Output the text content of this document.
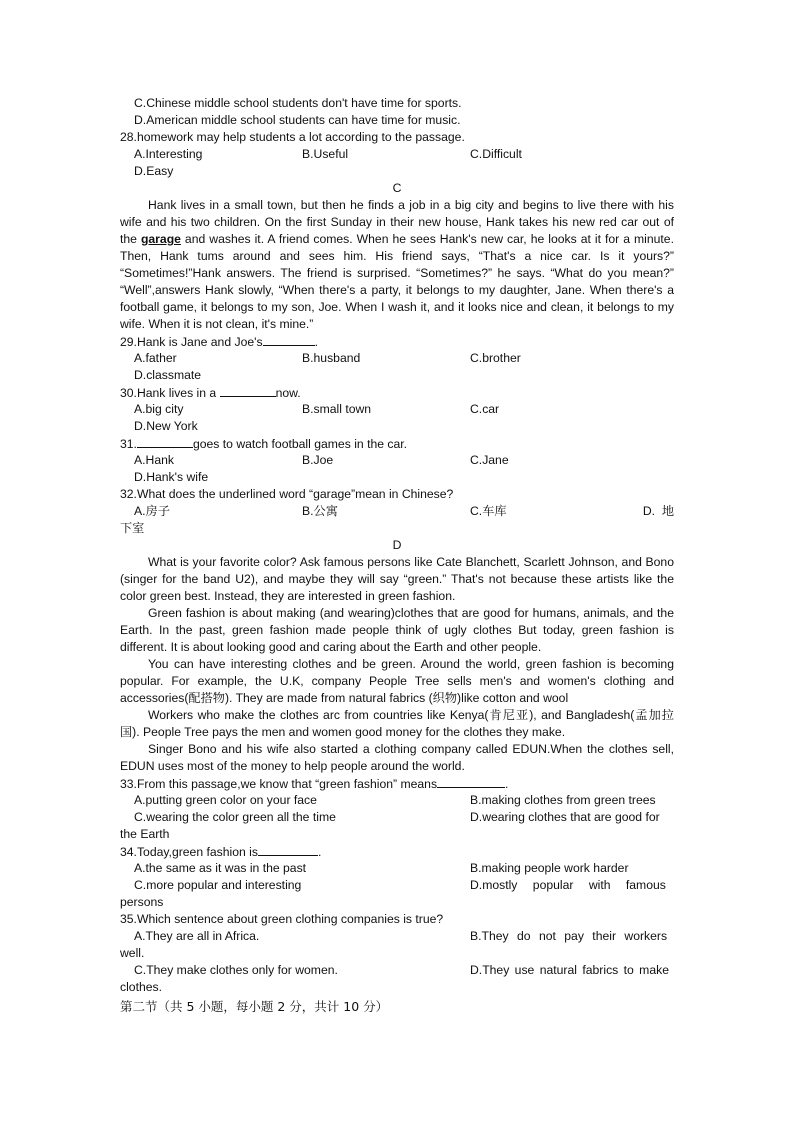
C.Chinese middle school students don't have time for sports.
D.American middle school students can have time for music.
28.homework may help students a lot according to the passage.
A.Interesting	B.Useful	C.Difficult
D.Easy
C

Hank lives in a small town, but then he finds a job in a big city and begins to live there with his wife and his two children. On the first Sunday in their new house, Hank takes his new red car out of the garage and washes it. A friend comes. When he sees Hank's new car, he looks at it for a minute. Then, Hank tums around and sees him. His friend says, “That's a nice car. Is it yours?” “Sometimes!”Hank answers. The friend is surprised. “Sometimes?” he says. “What do you mean?” “Well”,answers Hank slowly, “When there's a party, it belongs to my daughter, Jane. When there's a football game, it belongs to my son, Joe. When I wash it, and it looks nice and clean, it belongs to my wife. When it is not clean, it's mine.”

29.Hank is Jane and Joe's	.
A.father	B.husband	C.brother
D.classmate
30.Hank lives in a	now.
A.big city	B.small town	C.car
D.New York
31.	goes to watch football games in the car.
A.Hank	B.Joe	C.Jane
D.Hank's wife
32.What does the underlined word “garage”mean in Chinese?
A.房子	B.公寓	C.车库	D. 地
下室
D

What is your favorite color? Ask famous persons like Cate Blanchett, Scarlett Johnson, and Bono (singer for the band U2), and maybe they will say “green.” That's not because these artists like the color green best. Instead, they are interested in green fashion.

Green fashion is about making (and wearing)clothes that are good for humans, animals, and the Earth. In the past, green fashion made people think of ugly clothes But today, green fashion is different. It is about looking good and caring about the Earth and other people.

You can have interesting clothes and be green. Around the world, green fashion is becoming popular. For example, the U.K, company People Tree sells men's and women's clothing and accessories(配搭物). They are made from natural fabrics (织物)like cotton and wool

Workers who make the clothes arc from countries like Kenya(肯尼亚), and Bangladesh(孟加拉国). People Tree pays the men and women good money for the clothes they make.

Singer Bono and his wife also started a clothing company called EDUN.When the clothes sell, EDUN uses most of the money to help people around the world.

33.From this passage,we know that “green fashion” means	.
A.putting green color on your face	B.making clothes from green trees
C.wearing the color green all the time	D.wearing clothes that are good for
the Earth
34.Today,green fashion is	.
A.the same as it was in the past	B.making people work harder
C.more popular and interesting	D.mostly popular with famous
persons
35.Which sentence about green clothing companies is true?
A.They are all in Africa.	B.They do not pay their workers
well.
C.They make clothes only for women.	D.They use natural fabrics to make
clothes.
第二节（共 5 小题，每小题 2 分，共计 10 分）
